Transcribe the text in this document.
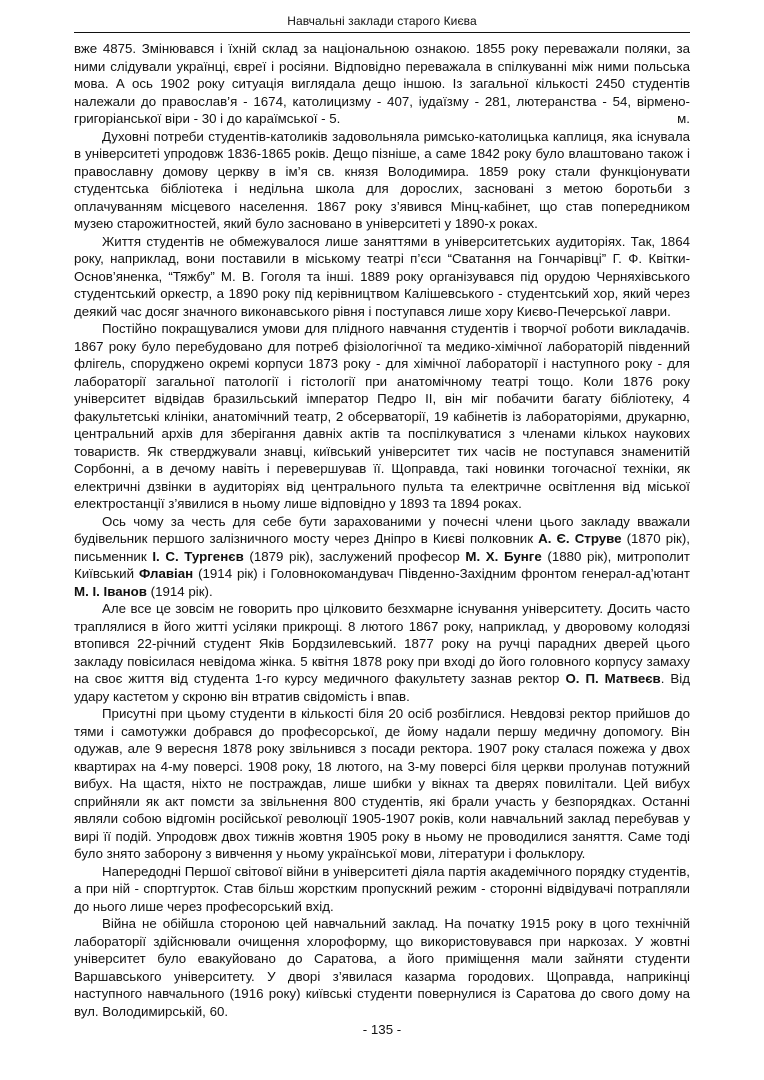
Навчальні заклади старого Києва

вже 4875. Змінювався і їхній склад за національною ознакою. 1855 року переважали поляки, за ними слідували українці, євреї і росіяни. Відповідно переважала в спілкуванні між ними польська мова. А ось 1902 року ситуація виглядала дещо іншою. Із загальної кількості 2450 студентів належали до православ’я - 1674, католицизму - 407, іудаїзму - 281, лютеранства - 54, вірмено-григоріанської віри - 30 і до караїмської - 5.	м.

Духовні потреби студентів-католиків задовольняла римсько-католицька каплиця, яка існувала в університеті упродовж 1836-1865 років. Дещо пізніше, а саме 1842 року було влаштовано також і православну домову церкву в ім’я св. князя Володимира. 1859 року стали функціонувати студентська бібліотека і недільна школа для дорослих, засновані з метою боротьби з оплачуванням місцевого населення. 1867 року з’явився Мінц-кабінет, що став попередником музею старожитностей, який було засновано в університеті у 1890-х роках.

Життя студентів не обмежувалося лише заняттями в університетських аудиторіях. Так, 1864 року, наприклад, вони поставили в міському театрі п’єси “Сватання на Гончарівці” Г. Ф. Квітки-Основ’яненка, “Тяжбу” М. В. Гоголя та інші. 1889 року організувався під орудою Черняхівського студентський оркестр, а 1890 року під керівництвом Калішевського - студентський хор, який через деякий час досяг значного виконавського рівня і поступався лише хору Києво-Печерської лаври.

Постійно покращувалися умови для плідного навчання студентів і творчої роботи викладачів. 1867 року було перебудовано для потреб фізіологічної та медико-хімічної лабораторій південний флігель, споруджено окремі корпуси 1873 року - для хімічної лабораторії і наступного року - для лабораторії загальної патології і гістології при анатомічному театрі тощо. Коли 1876 року університет відвідав бразильський імператор Педро ІІ, він міг побачити багату бібліотеку, 4 факультетські клініки, анатомічний театр, 2 обсерваторії, 19 кабінетів із лабораторіями, друкарню, центральний архів для зберігання давніх актів та поспілкуватися з членами кількох наукових товариств. Як стверджували знавці, київський університет тих часів не поступався знаменитій Сорбонні, а в дечому навіть і перевершував її. Щоправда, такі новинки тогочасної техніки, як електричні дзвінки в аудиторіях від центрального пульта та електричне освітлення від міської електростанції з’явилися в ньому лише відповідно у 1893 та 1894 роках.

Ось чому за честь для себе бути зарахованими у почесні члени цього закладу вважали будівельник першого залізничного мосту через Дніпро в Києві полковник А. Є. Струве (1870 рік), письменник І. С. Тургенєв (1879 рік), заслужений професор М. Х. Бунге (1880 рік), митрополит Київський Флавіан (1914 рік) і Головнокомандувач Південно-Західним фронтом генерал-ад’ютант М. І. Іванов (1914 рік).

Але все це зовсім не говорить про цілковито безхмарне існування університету. Досить часто траплялися в його житті усіляки прикрощі. 8 лютого 1867 року, наприклад, у дворовому колодязі втопився 22-річний студент Яків Бордзилевський. 1877 року на ручці парадних дверей цього закладу повісилася невідома жінка. 5 квітня 1878 року при вході до його головного корпусу замаху на своє життя від студента 1-го курсу медичного факультету зазнав ректор О. П. Матвеєв. Від удару кастетом у скроню він втратив свідомість і впав.

Присутні при цьому студенти в кількості біля 20 осіб розбіглися. Невдовзі ректор прийшов до тями і самотужки добрався до професорської, де йому надали першу медичну допомогу. Він одужав, але 9 вересня 1878 року звільнився з посади ректора. 1907 року сталася пожежа у двох квартирах на 4-му поверсі. 1908 року, 18 лютого, на 3-му поверсі біля церкви пролунав потужний вибух. На щастя, ніхто не постраждав, лише шибки у вікнах та дверях повилітали. Цей вибух сприйняли як акт помсти за звільнення 800 студентів, які брали участь у безпорядках. Останні являли собою відгомін російської революції 1905-1907 років, коли навчальний заклад перебував у вирі її подій. Упродовж двох тижнів жовтня 1905 року в ньому не проводилися заняття. Саме тоді було знято заборону з вивчення у ньому української мови, літератури і фольклору.

Напередодні Першої світової війни в університеті діяла партія академічного порядку студентів, а при ній - спортгурток. Став більш жорстким пропускний режим - сторонні відвідувачі потрапляли до нього лише через професорський вхід.

Війна не обійшла стороною цей навчальний заклад. На початку 1915 року в цого технічній лабораторії здійснювали очищення хлороформу, що використовувався при наркозах. У жовтні університет було евакуйовано до Саратова, а його приміщення мали зайняти студенти Варшавського університету. У дворі з’явилася казарма городових. Щоправда, наприкінці наступного навчального (1916 року) київські студенти повернулися із Саратова до свого дому на вул. Володимирській, 60.

- 135 -
